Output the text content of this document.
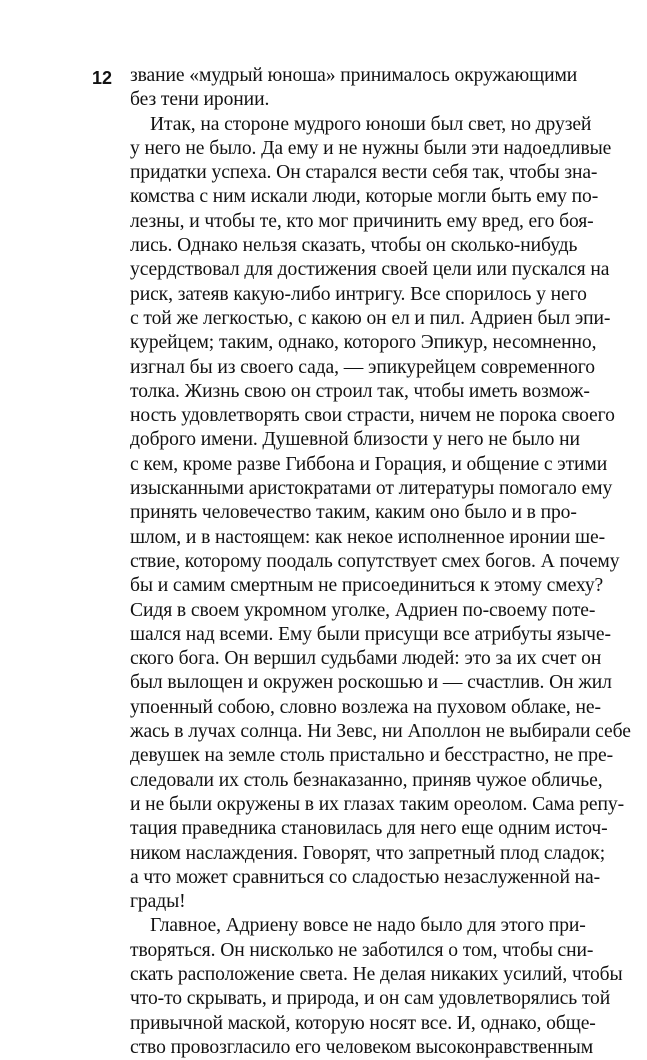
12 звание «мудрый юноша» принималось окружающими
без тени иронии.
Итак, на стороне мудрого юноши был свет, но друзей
у него не было. Да ему и не нужны были эти надоедливые
придатки успеха. Он старался вести себя так, чтобы зна-
комства с ним искали люди, которые могли быть ему по-
лезны, и чтобы те, кто мог причинить ему вред, его боя-
лись. Однако нельзя сказать, чтобы он сколько-нибудь
усердствовал для достижения своей цели или пускался на
риск, затеяв какую-либо интригу. Все спорилось у него
с той же легкостью, с какою он ел и пил. Адриен был эпи-
курейцем; таким, однако, которого Эпикур, несомненно,
изгнал бы из своего сада, — эпикурейцем современного
толка. Жизнь свою он строил так, чтобы иметь возмож-
ность удовлетворять свои страсти, ничем не порока своего
доброго имени. Душевной близости у него не было ни
с кем, кроме разве Гиббона и Горация, и общение с этими
изысканными аристократами от литературы помогало ему
принять человечество таким, каким оно было и в про-
шлом, и в настоящем: как некое исполненное иронии ше-
ствие, которому поодаль сопутствует смех богов. А почему
бы и самим смертным не присоединиться к этому смеху?
Сидя в своем укромном уголке, Адриен по-своему поте-
шался над всеми. Ему были присущи все атрибуты языче-
ского бога. Он вершил судьбами людей: это за их счет он
был вылощен и окружен роскошью и — счастлив. Он жил
упоенный собою, словно возлежа на пуховом облаке, не-
жась в лучах солнца. Ни Зевс, ни Аполлон не выбирали себе
девушек на земле столь пристально и бесстрастно, не пре-
следовали их столь безнаказанно, приняв чужое обличье,
и не были окружены в их глазах таким ореолом. Сама репу-
тация праведника становилась для него еще одним источ-
ником наслаждения. Говорят, что запретный плод сладок;
а что может сравниться со сладостью незаслуженной на-
грады!
Главное, Адриену вовсе не надо было для этого при-
творяться. Он нисколько не заботился о том, чтобы сни-
скать расположение света. Не делая никаких усилий, чтобы
что-то скрывать, и природа, и он сам удовлетворялись той
привычной маской, которую носят все. И, однако, обще-
ство провозгласило его человеком высоконравственным
